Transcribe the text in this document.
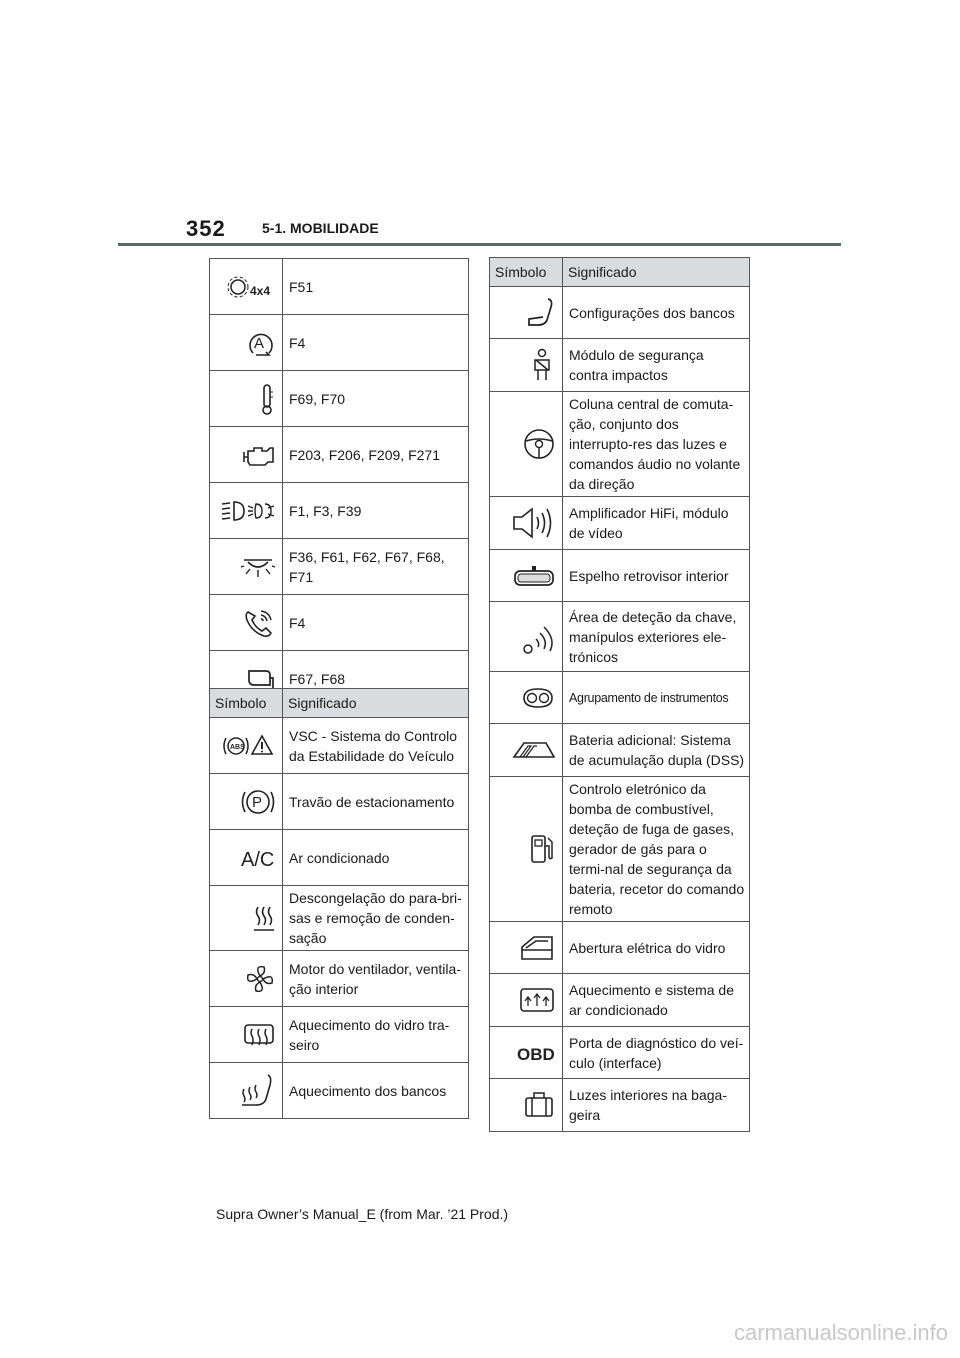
352	5-1. MOBILIDADE
4x4	F51

A	F4
	F69, F70
	F203, F206, F209, F271
	F1, F3, F39
	F36, F61, F62, F67, F68, F71
	F4
	F67, F68
Símbolo	Significado

ABS	VSC - Sistema do Controlo da Estabilidade do Veículo

P	Travão de estacionamento

A/C	Ar condicionado
	Descongelação do para-bri-sas e remoção de conden-sação
	Motor do ventilador, ventila-ção interior
	Aquecimento do vidro tra-seiro
	Aquecimento dos bancos
Símbolo	Significado
	Configurações dos bancos
	Módulo de segurança contra impactos
	Coluna central de comuta-ção, conjunto dos interrupto-res das luzes e comandos áudio no volante da direção
	Amplificador HiFi, módulo de vídeo
	Espelho retrovisor interior
	Área de deteção da chave, manípulos exteriores ele-trónicos
	Agrupamento de instrumentos
	Bateria adicional: Sistema de acumulação dupla (DSS)
	Controlo eletrónico da bomba de combustível, deteção de fuga de gases, gerador de gás para o termi-nal de segurança da bateria, recetor do comando remoto
	Abertura elétrica do vidro
	Aquecimento e sistema de ar condicionado

OBD	Porta de diagnóstico do veí-culo (interface)
	Luzes interiores na baga-geira
Supra Owner’s Manual_E (from Mar. ’21 Prod.)
carmanualsonline.info
